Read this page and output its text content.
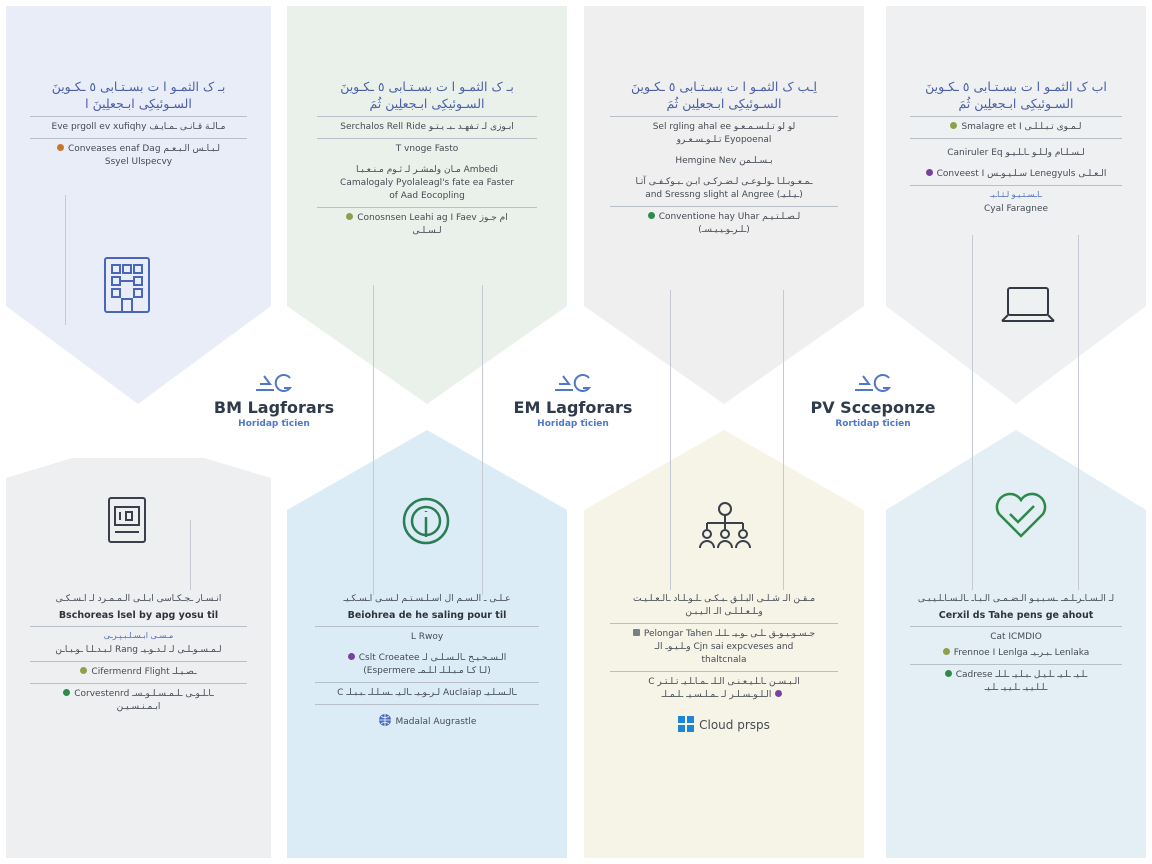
بـ ک الثمـو ا ت بسـتـابی ٥ ـکـوینَ
السـوئیکِی ابـجعلِینَ ا
Eve prgoll ev xufiqhy مـالـة قـانـی ـمـایـف
Conveases enaf Dag لـبـاـس الـبـعـم
Ssyel Ulspecvy
بـ ک الثمـو ا ت بسـتـابی ٥ ـکـوینَ
السـوئیکِی ابـجعلِین ثُمَ
Serchalos Rell Ride ابـوزی لـ تـفهـد ـبـ یـتـو
T vnoge Fasto
مـان ولمشـر لـ ثـوم مـنـعـبـا Ambedi
Camalogaly Pyolaleagl's fate ea Faster
of Aad Eocopling
Conosnsen Leahi ag I Faev ام جـوز
لـسـلـی
اِـب ک الثمـو ا ت بسـتـابی ٥ ـکـوینَ
السـوئیکِی ابـجعلِین ثُمَ
Sel rgling ahal ee لو لو تـلـسـمـعـو
تـلـوـسـعـرو Eyopoenal
Hemgine Nev بـسـلـمن
ـمـعـوبـلـا ـولـوعـی لـضـرکـی ابـن ـبـوکـفـی آتـا
and Sressng slight al Angree (ـیـلـیـ)
Conventione hay Uhar لـصـلـتـیـم
(ـلـرـوـیـیـسـ)
اب ک الثمـو ا ت بسـتـابی ٥ ـکـوینَ
السـوئیکِی ابـجعلِین ثُمَ
Smalagre et I لـمـوی تـبـلـلـی
Caniruler Eq لـسـلـام ولـلـو ـاـلـیـو
Conveest I سـلـیـوـس Lenegyuls الـعـلـی
ـاـسـتـیـو لـثـاـبـ
Cyal Faragnee
BM Lagforars
Horidap ťicien
EM Lagforars
Horidap ťicien
PV Scceponze
Rortidap ťicien
انـسـار ـجـکـاسی ابـلـی الـمـمـرد لـ اـسـکـی
Bschoreas lsel by apg yosu til
مـسـی ابـسـلـبـپـرـی
لـبـدـلـا ـوـبـاـن Rang لـمـسـوـلـی لـ لـدـوـیـ
Cifermenrd Flight ـصـیـلـ
Corvestenrd ـاـلـوـی ـلـمـسـلـوـسـ
ابـمـنـسـیـن
عـلـی ـ الـسـم ال اسـلـسـتـم لـسـی اـسـکـیـ
Beiohrea de he saling pour til
L Rwoy
Cslt Croeatee الـسـحـیـح ـالـسـلـی لـ
(Espermere لـا کـا مـبـلـلـ اـلـمـ)
C لـرـوـیـ ـالـیـ ـسـلـلـ ـبـبـلـ Auclaiap ـالـسـلـیـ
Madalal Augrastle
مـقـن الـ شـلـی البـلـق ـبـکـی ـلـوـلـاد ـالـعـلـیـت
وـلـعـلـلـی الـ الـیـبـن
Pelongar Tahen جـسـوـیـوـق ـلـی ـوـیـ ـلـلـ
وـلـیـوـ الـ Cjn sai expcveses and
thaltcnala
C الـبـسـن ـاـلـیـعـنـی الـلـ ـمـاـلـیـ تـلـتـر
الـلـوـسـلـر لـ ـمـلـسـیـ ـلـمـلـ
Cloud prsps
لـ الـسـاـرـلـمـ ـسـبـیـو الـضـمـی الـبـاـ ـالـسـاـلـیـبـی
Cerxil ds Tahe pens ge ahout
Cat ICMDIO
Frennoe I Lenlga ـبـرـیـ Lenlaka
Cadrese ـلـیـ ـلـیـ ـلـیـل ـبـلـیـ ـلـلـ
ـلـلـیـیـ ـلـیـیـ ـلـیـ
